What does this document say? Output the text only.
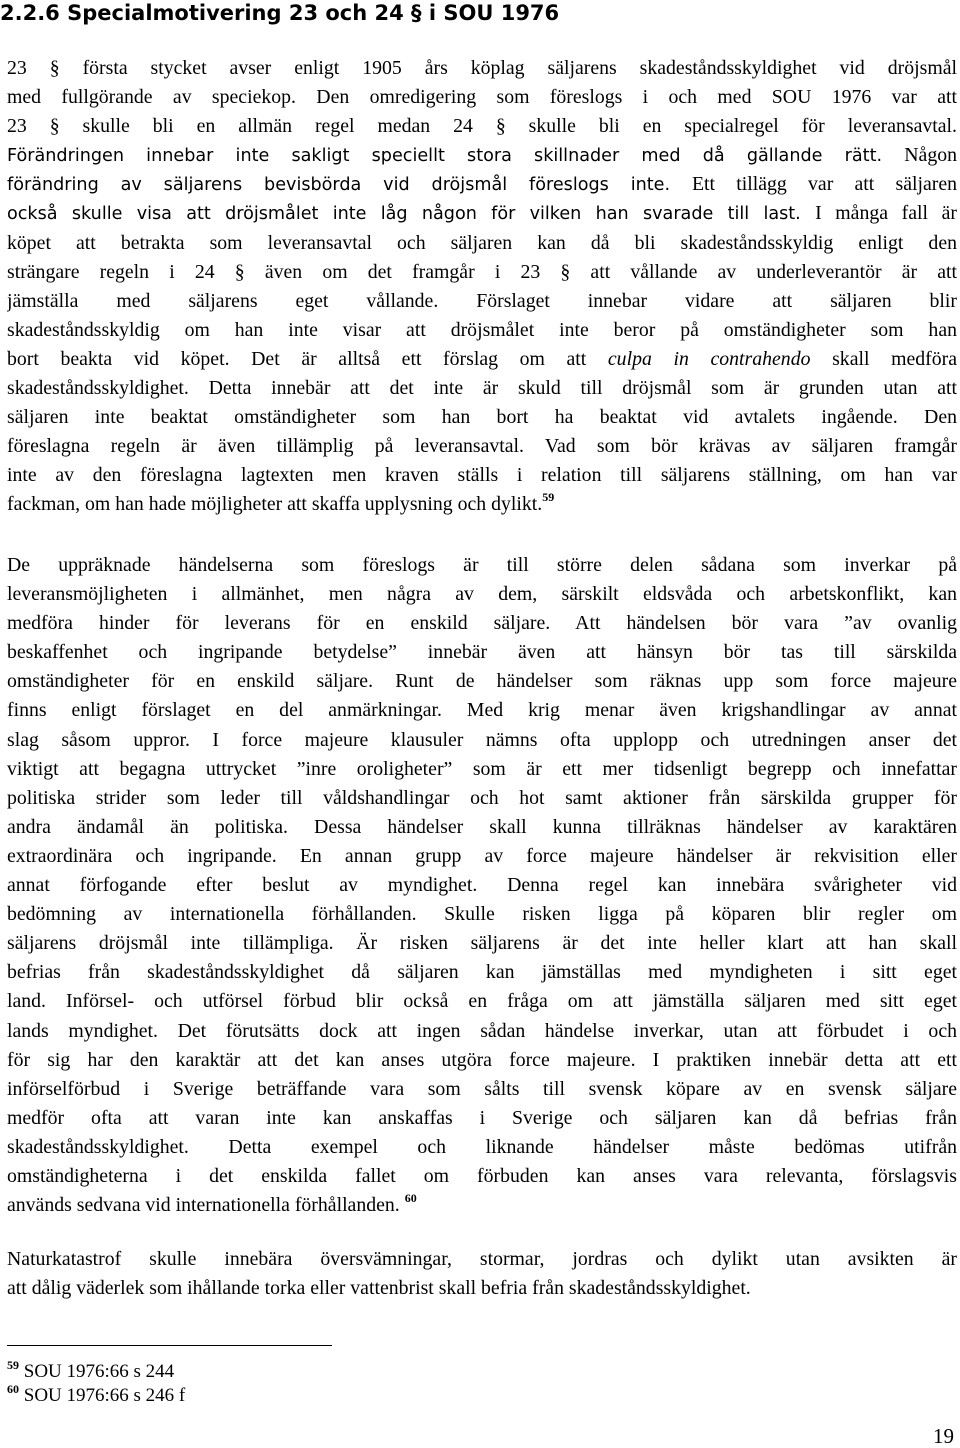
2.2.6 Specialmotivering 23 och 24 § i SOU 1976
23 § första stycket avser enligt 1905 års köplag säljarens skadeståndsskyldighet vid dröjsmål
med fullgörande av speciekop. Den omredigering som föreslogs i och med SOU 1976 var att
23 § skulle bli en allmän regel medan 24 § skulle bli en specialregel för leveransavtal.
Förändringen innebar inte sakligt speciellt stora skillnader med då gällande rätt. Någon
förändring av säljarens bevisbörda vid dröjsmål föreslogs inte. Ett tillägg var att säljaren
också skulle visa att dröjsmålet inte låg någon för vilken han svarade till last. I många fall är
köpet att betrakta som leveransavtal och säljaren kan då bli skadeståndsskyldig enligt den
strängare regeln i 24 § även om det framgår i 23 § att vållande av underleverantör är att
jämställa med säljarens eget vållande. Förslaget innebar vidare att säljaren blir
skadeståndsskyldig om han inte visar att dröjsmålet inte beror på omständigheter som han
bort beakta vid köpet. Det är alltså ett förslag om att culpa in contrahendo skall medföra
skadeståndsskyldighet. Detta innebär att det inte är skuld till dröjsmål som är grunden utan att
säljaren inte beaktat omständigheter som han bort ha beaktat vid avtalets ingående. Den
föreslagna regeln är även tillämplig på leveransavtal. Vad som bör krävas av säljaren framgår
inte av den föreslagna lagtexten men kraven ställs i relation till säljarens ställning, om han var
fackman, om han hade möjligheter att skaffa upplysning och dylikt.$^{59}$
De uppräknade händelserna som föreslogs är till större delen sådana som inverkar på
leveransmöjligheten i allmänhet, men några av dem, särskilt eldsvåda och arbetskonflikt, kan
medföra hinder för leverans för en enskild säljare. Att händelsen bör vara ”av ovanlig
beskaffenhet och ingripande betydelse” innebär även att hänsyn bör tas till särskilda
omständigheter för en enskild säljare. Runt de händelser som räknas upp som force majeure
finns enligt förslaget en del anmärkningar. Med krig menar även krigshandlingar av annat
slag såsom uppror. I force majeure klausuler nämns ofta upplopp och utredningen anser det
viktigt att begagna uttrycket ”inre oroligheter” som är ett mer tidsenligt begrepp och innefattar
politiska strider som leder till våldshandlingar och hot samt aktioner från särskilda grupper för
andra ändamål än politiska. Dessa händelser skall kunna tillräknas händelser av karaktären
extraordinära och ingripande. En annan grupp av force majeure händelser är rekvisition eller
annat förfogande efter beslut av myndighet. Denna regel kan innebära svårigheter vid
bedömning av internationella förhållanden. Skulle risken ligga på köparen blir regler om
säljarens dröjsmål inte tillämpliga. Är risken säljarens är det inte heller klart att han skall
befrias från skadeståndsskyldighet då säljaren kan jämställas med myndigheten i sitt eget
land. Införsel- och utförsel förbud blir också en fråga om att jämställa säljaren med sitt eget
lands myndighet. Det förutsätts dock att ingen sådan händelse inverkar, utan att förbudet i och
för sig har den karaktär att det kan anses utgöra force majeure. I praktiken innebär detta att ett
införselförbud i Sverige beträffande vara som sålts till svensk köpare av en svensk säljare
medför ofta att varan inte kan anskaffas i Sverige och säljaren kan då befrias från
skadeståndsskyldighet. Detta exempel och liknande händelser måste bedömas utifrån
omständigheterna i det enskilda fallet om förbuden kan anses vara relevanta, förslagsvis
används sedvana vid internationella förhållanden. $^{60}$
Naturkatastrof skulle innebära översvämningar, stormar, jordras och dylikt utan avsikten är
att dålig väderlek som ihållande torka eller vattenbrist skall befria från skadeståndsskyldighet.
$^{59}$ SOU 1976:66 s 244
$^{60}$ SOU 1976:66 s 246 f
19
